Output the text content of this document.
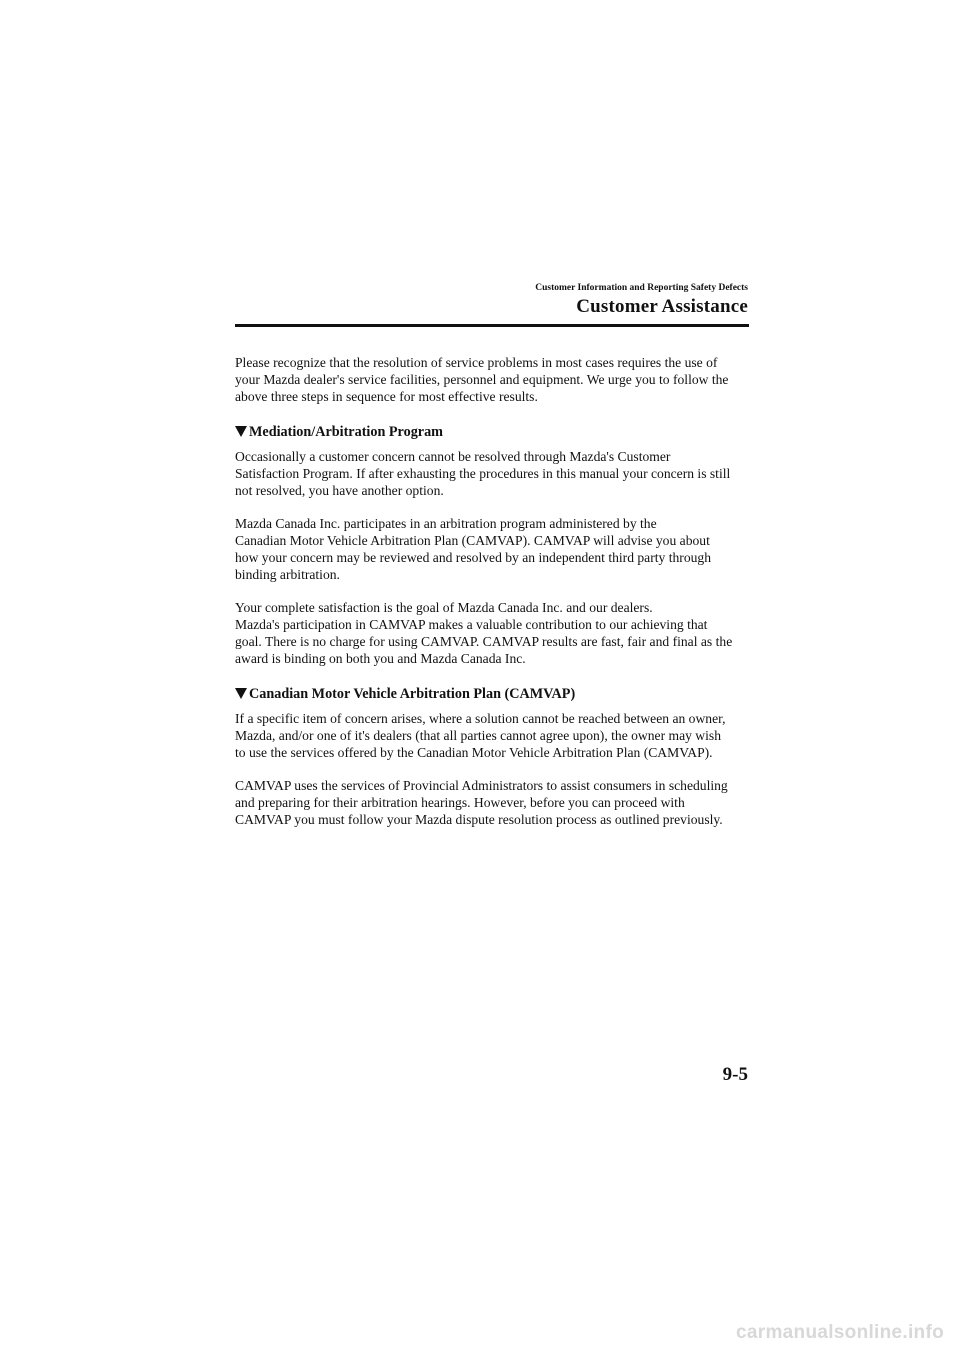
Customer Information and Reporting Safety Defects
Customer Assistance

Please recognize that the resolution of service problems in most cases requires the use of
your Mazda dealer's service facilities, personnel and equipment. We urge you to follow the
above three steps in sequence for most effective results.

Mediation/Arbitration Program

Occasionally a customer concern cannot be resolved through Mazda's Customer
Satisfaction Program. If after exhausting the procedures in this manual your concern is still
not resolved, you have another option.

Mazda Canada Inc. participates in an arbitration program administered by the
Canadian Motor Vehicle Arbitration Plan (CAMVAP). CAMVAP will advise you about
how your concern may be reviewed and resolved by an independent third party through
binding arbitration.

Your complete satisfaction is the goal of Mazda Canada Inc. and our dealers.
Mazda's participation in CAMVAP makes a valuable contribution to our achieving that
goal. There is no charge for using CAMVAP. CAMVAP results are fast, fair and final as the
award is binding on both you and Mazda Canada Inc.

Canadian Motor Vehicle Arbitration Plan (CAMVAP)

If a specific item of concern arises, where a solution cannot be reached between an owner,
Mazda, and/or one of it's dealers (that all parties cannot agree upon), the owner may wish
to use the services offered by the Canadian Motor Vehicle Arbitration Plan (CAMVAP).

CAMVAP uses the services of Provincial Administrators to assist consumers in scheduling
and preparing for their arbitration hearings. However, before you can proceed with
CAMVAP you must follow your Mazda dispute resolution process as outlined previously.

9-5
carmanualsonline.info
